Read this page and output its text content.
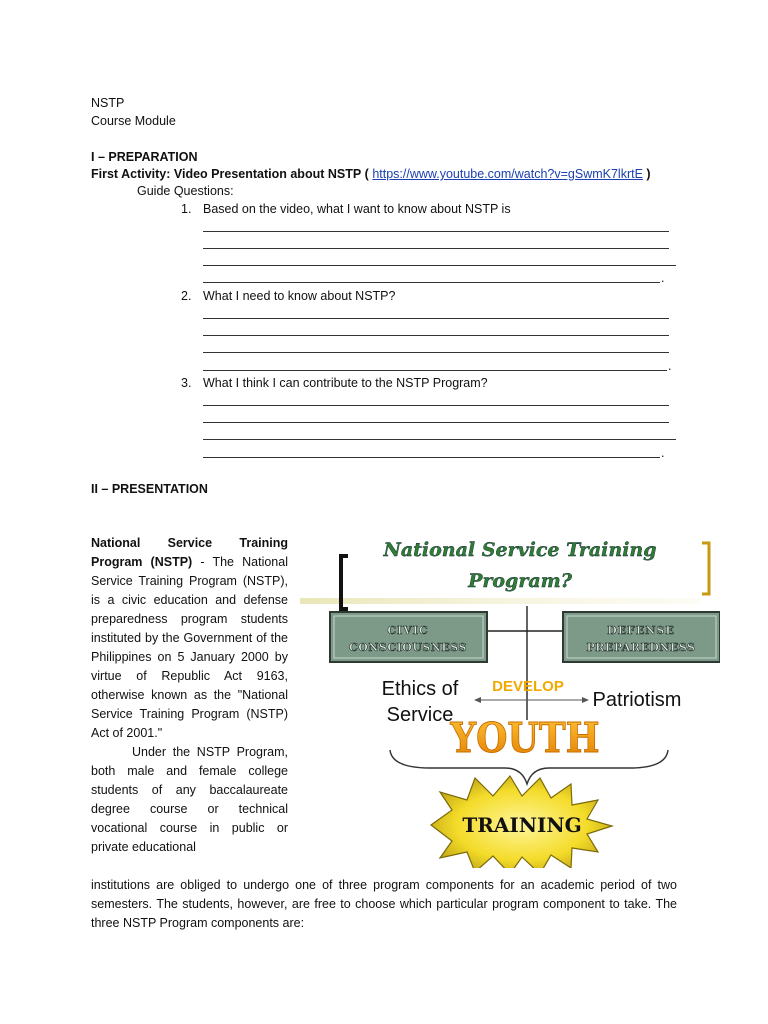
NSTP
Course Module
I – PREPARATION
First Activity: Video Presentation about NSTP ( https://www.youtube.com/watch?v=gSwmK7lkrtE )
Guide Questions:
1. Based on the video, what I want to know about NSTP is
.
2. What I need to know about NSTP?
.
3. What I think I can contribute to the NSTP Program?
.
II – PRESENTATION

National Service Training Program (NSTP) - The National Service Training Program (NSTP), is a civic education and defense preparedness program students instituted by the Government of the Philippines on 5 January 2000 by virtue of Republic Act 9163, otherwise known as the "National Service Training Program (NSTP) Act of 2001."

Under the NSTP Program, both male and female college students of any baccalaureate degree course or technical vocational course in public or private educational

institutions are obliged to undergo one of three program components for an academic period of two semesters. The students, however, are free to choose which particular program component to take. The three NSTP Program components are:
National Service Training
Program?
CIVIC
CONSCIOUSNESS
DEFENSE
PREPAREDNESS
Ethics of
Service
DEVELOP
Patriotism
YOUTH
TRAINING
